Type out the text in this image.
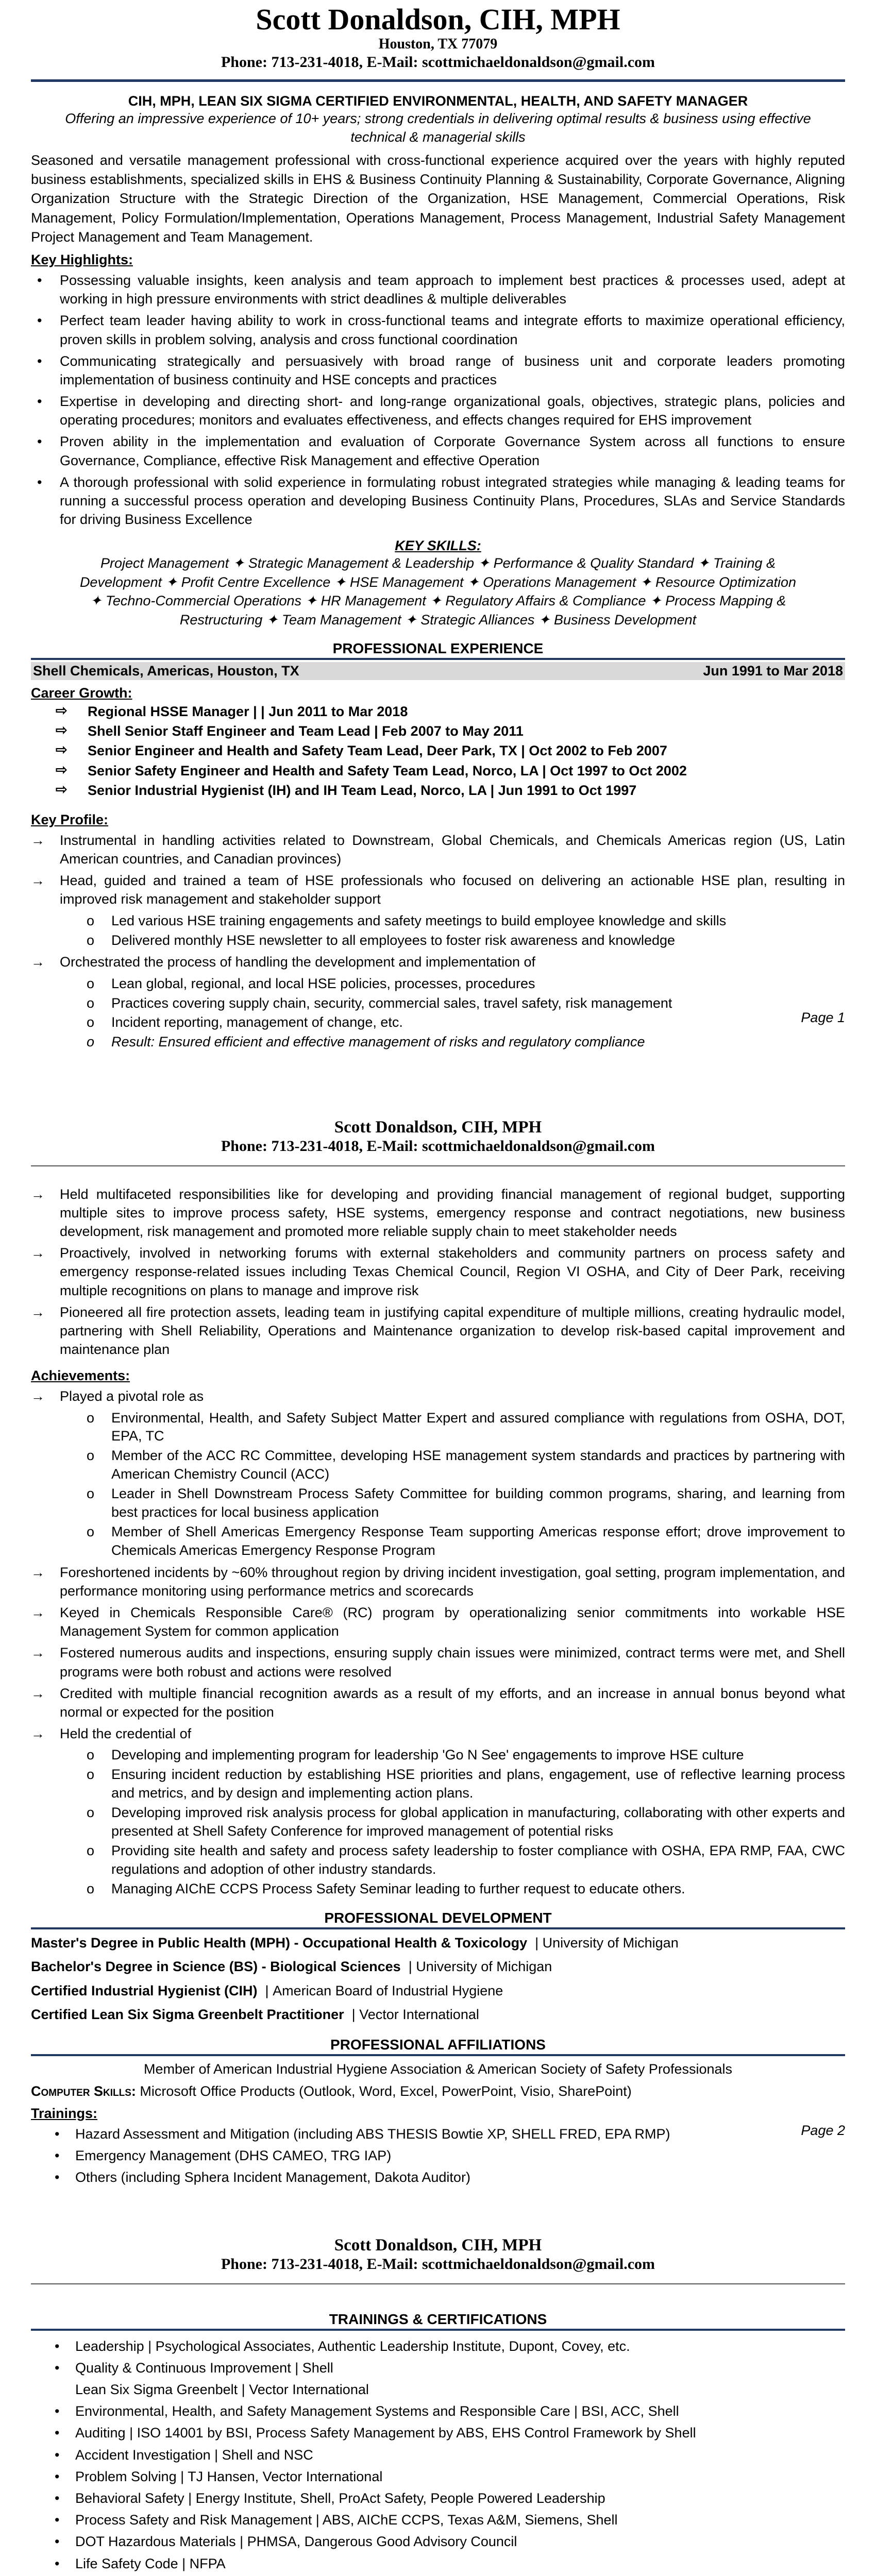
Scott Donaldson, CIH, MPH
Houston, TX 77079
Phone: 713-231-4018, E-Mail: scottmichaeldonaldson@gmail.com
CIH, MPH, LEAN SIX SIGMA CERTIFIED ENVIRONMENTAL, HEALTH, AND SAFETY MANAGER
Offering an impressive experience of 10+ years; strong credentials in delivering optimal results & business using effective technical & managerial skills

Seasoned and versatile management professional with cross-functional experience acquired over the years with highly reputed business establishments, specialized skills in EHS & Business Continuity Planning & Sustainability, Corporate Governance, Aligning Organization Structure with the Strategic Direction of the Organization, HSE Management, Commercial Operations, Risk Management, Policy Formulation/Implementation, Operations Management, Process Management, Industrial Safety Management Project Management and Team Management.

Key Highlights:
• Possessing valuable insights, keen analysis and team approach to implement best practices & processes used, adept at working in high pressure environments with strict deadlines & multiple deliverables
• Perfect team leader having ability to work in cross-functional teams and integrate efforts to maximize operational efficiency, proven skills in problem solving, analysis and cross functional coordination
• Communicating strategically and persuasively with broad range of business unit and corporate leaders promoting implementation of business continuity and HSE concepts and practices
• Expertise in developing and directing short- and long-range organizational goals, objectives, strategic plans, policies and operating procedures; monitors and evaluates effectiveness, and effects changes required for EHS improvement
• Proven ability in the implementation and evaluation of Corporate Governance System across all functions to ensure Governance, Compliance, effective Risk Management and effective Operation
• A thorough professional with solid experience in formulating robust integrated strategies while managing & leading teams for running a successful process operation and developing Business Continuity Plans, Procedures, SLAs and Service Standards for driving Business Excellence
KEY SKILLS:
Project Management ✦ Strategic Management & Leadership ✦ Performance & Quality Standard ✦ Training & Development ✦ Profit Centre Excellence ✦ HSE Management ✦ Operations Management ✦ Resource Optimization ✦ Techno-Commercial Operations ✦ HR Management ✦ Regulatory Affairs & Compliance ✦ Process Mapping & Restructuring ✦ Team Management ✦ Strategic Alliances ✦ Business Development
PROFESSIONAL EXPERIENCE
Shell Chemicals, Americas, Houston, TX	Jun 1991 to Mar 2018
Career Growth:
⇨ Regional HSSE Manager | | Jun 2011 to Mar 2018
⇨ Shell Senior Staff Engineer and Team Lead | Feb 2007 to May 2011
⇨ Senior Engineer and Health and Safety Team Lead, Deer Park, TX | Oct 2002 to Feb 2007
⇨ Senior Safety Engineer and Health and Safety Team Lead, Norco, LA | Oct 1997 to Oct 2002
⇨ Senior Industrial Hygienist (IH) and IH Team Lead, Norco, LA | Jun 1991 to Oct 1997
Key Profile:
→ Instrumental in handling activities related to Downstream, Global Chemicals, and Chemicals Americas region (US, Latin American countries, and Canadian provinces)
→ Head, guided and trained a team of HSE professionals who focused on delivering an actionable HSE plan, resulting in improved risk management and stakeholder support
o Led various HSE training engagements and safety meetings to build employee knowledge and skills
o Delivered monthly HSE newsletter to all employees to foster risk awareness and knowledge
→ Orchestrated the process of handling the development and implementation of
o Lean global, regional, and local HSE policies, processes, procedures
o Practices covering supply chain, security, commercial sales, travel safety, risk management
o Incident reporting, management of change, etc.
o Result: Ensured efficient and effective management of risks and regulatory compliance
Page 1
Scott Donaldson, CIH, MPH
Phone: 713-231-4018, E-Mail: scottmichaeldonaldson@gmail.com
→ Held multifaceted responsibilities like for developing and providing financial management of regional budget, supporting multiple sites to improve process safety, HSE systems, emergency response and contract negotiations, new business development, risk management and promoted more reliable supply chain to meet stakeholder needs
→ Proactively, involved in networking forums with external stakeholders and community partners on process safety and emergency response-related issues including Texas Chemical Council, Region VI OSHA, and City of Deer Park, receiving multiple recognitions on plans to manage and improve risk
→ Pioneered all fire protection assets, leading team in justifying capital expenditure of multiple millions, creating hydraulic model, partnering with Shell Reliability, Operations and Maintenance organization to develop risk-based capital improvement and maintenance plan
Achievements:
→ Played a pivotal role as
o Environmental, Health, and Safety Subject Matter Expert and assured compliance with regulations from OSHA, DOT, EPA, TC
o Member of the ACC RC Committee, developing HSE management system standards and practices by partnering with American Chemistry Council (ACC)
o Leader in Shell Downstream Process Safety Committee for building common programs, sharing, and learning from best practices for local business application
o Member of Shell Americas Emergency Response Team supporting Americas response effort; drove improvement to Chemicals Americas Emergency Response Program
→ Foreshortened incidents by ~60% throughout region by driving incident investigation, goal setting, program implementation, and performance monitoring using performance metrics and scorecards
→ Keyed in Chemicals Responsible Care® (RC) program by operationalizing senior commitments into workable HSE Management System for common application
→ Fostered numerous audits and inspections, ensuring supply chain issues were minimized, contract terms were met, and Shell programs were both robust and actions were resolved
→ Credited with multiple financial recognition awards as a result of my efforts, and an increase in annual bonus beyond what normal or expected for the position
→ Held the credential of
o Developing and implementing program for leadership 'Go N See' engagements to improve HSE culture
o Ensuring incident reduction by establishing HSE priorities and plans, engagement, use of reflective learning process and metrics, and by design and implementing action plans.
o Developing improved risk analysis process for global application in manufacturing, collaborating with other experts and presented at Shell Safety Conference for improved management of potential risks
o Providing site health and safety and process safety leadership to foster compliance with OSHA, EPA RMP, FAA, CWC regulations and adoption of other industry standards.
o Managing AIChE CCPS Process Safety Seminar leading to further request to educate others.
PROFESSIONAL DEVELOPMENT
Master's Degree in Public Health (MPH) - Occupational Health & Toxicology  | University of Michigan
Bachelor's Degree in Science (BS) - Biological Sciences  | University of Michigan
Certified Industrial Hygienist (CIH)  | American Board of Industrial Hygiene
Certified Lean Six Sigma Greenbelt Practitioner  | Vector International
PROFESSIONAL AFFILIATIONS
Member of American Industrial Hygiene Association & American Society of Safety Professionals
Computer Skills: Microsoft Office Products (Outlook, Word, Excel, PowerPoint, Visio, SharePoint)
Trainings:
• Hazard Assessment and Mitigation (including ABS THESIS Bowtie XP, SHELL FRED, EPA RMP)
• Emergency Management (DHS CAMEO, TRG IAP)
• Others (including Sphera Incident Management, Dakota Auditor)
Page 2
Scott Donaldson, CIH, MPH
Phone: 713-231-4018, E-Mail: scottmichaeldonaldson@gmail.com
TRAININGS & CERTIFICATIONS
• Leadership | Psychological Associates, Authentic Leadership Institute, Dupont, Covey, etc.
• Quality & Continuous Improvement | Shell
Lean Six Sigma Greenbelt | Vector International
• Environmental, Health, and Safety Management Systems and Responsible Care | BSI, ACC, Shell
• Auditing | ISO 14001 by BSI, Process Safety Management by ABS, EHS Control Framework by Shell
• Accident Investigation | Shell and NSC
• Problem Solving | TJ Hansen, Vector International
• Behavioral Safety | Energy Institute, Shell, ProAct Safety, People Powered Leadership
• Process Safety and Risk Management | ABS, AIChE CCPS, Texas A&M, Siemens, Shell
• DOT Hazardous Materials | PHMSA, Dangerous Good Advisory Council
• Life Safety Code | NFPA
•
